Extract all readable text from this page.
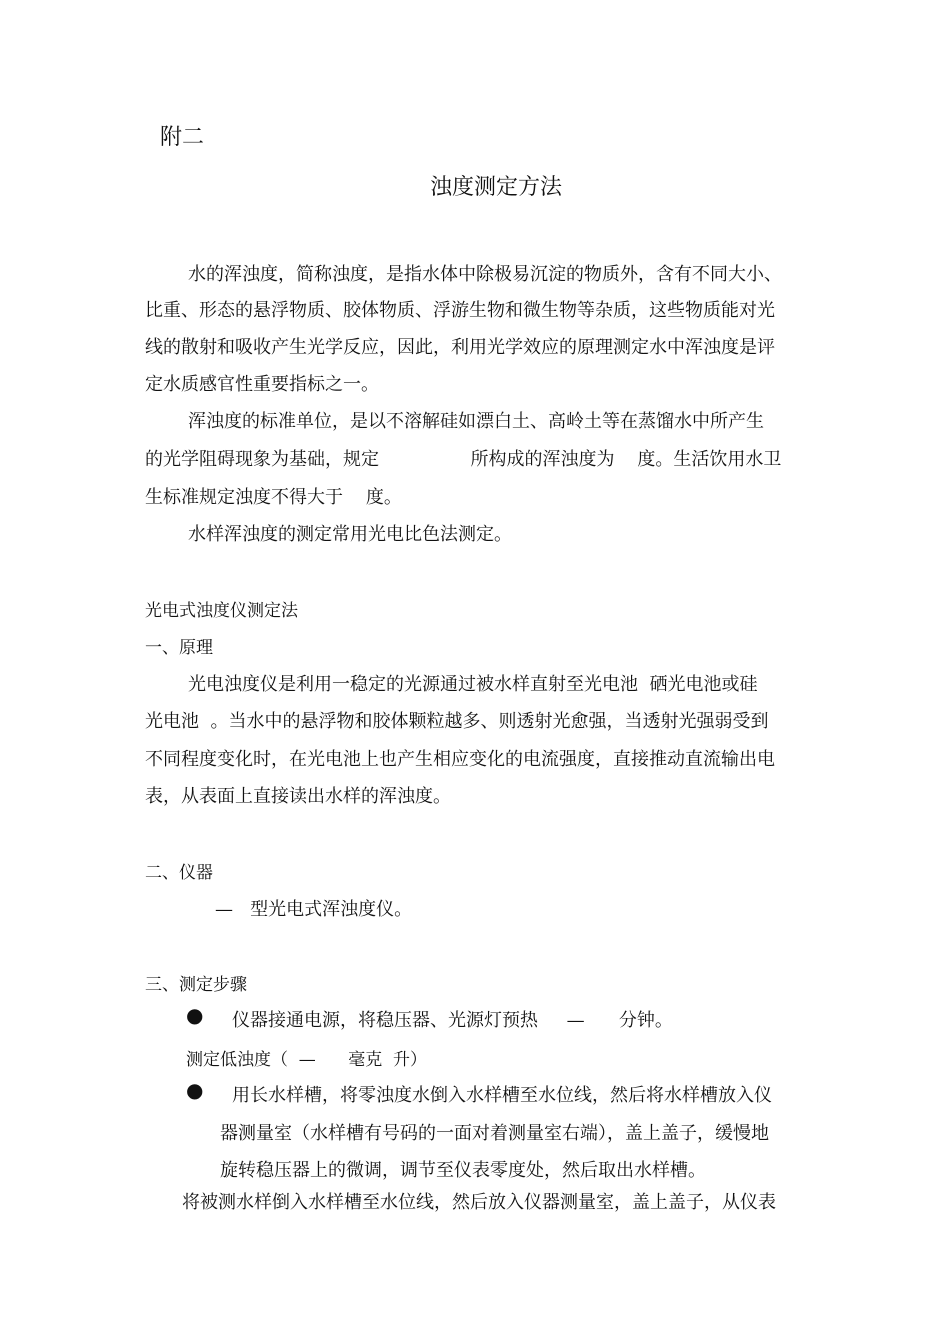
附二
浊度测定方法
水的浑浊度，简称浊度，是指水体中除极易沉淀的物质外，含有不同大小、
比重、形态的悬浮物质、胶体物质、浮游生物和微生物等杂质，这些物质能对光
线的散射和吸收产生光学反应，因此，利用光学效应的原理测定水中浑浊度是评
定水质感官性重要指标之一。
浑浊度的标准单位，是以不溶解硅如漂白土、高岭土等在蒸馏水中所产生
的光学阻碍现象为基础，规定                所构成的浑浊度为    度。生活饮用水卫
生标准规定浊度不得大于    度。
水样浑浊度的测定常用光电比色法测定。
光电式浊度仪测定法
一、原理
光电浊度仪是利用一稳定的光源通过被水样直射至光电池  硒光电池或硅
光电池  。当水中的悬浮物和胶体颗粒越多、则透射光愈强，当透射光强弱受到
不同程度变化时，在光电池上也产生相应变化的电流强度，直接推动直流输出电
表，从表面上直接读出水样的浑浊度。
二、仪器
—   型光电式浑浊度仪。
三、测定步骤
● 仪器接通电源，将稳压器、光源灯预热     —      分钟。
测定低浊度（  —      毫克  升）
● 用长水样槽，将零浊度水倒入水样槽至水位线，然后将水样槽放入仪
器测量室（水样槽有号码的一面对着测量室右端），盖上盖子，缓慢地
旋转稳压器上的微调，调节至仪表零度处，然后取出水样槽。
将被测水样倒入水样槽至水位线，然后放入仪器测量室，盖上盖子，从仪表
